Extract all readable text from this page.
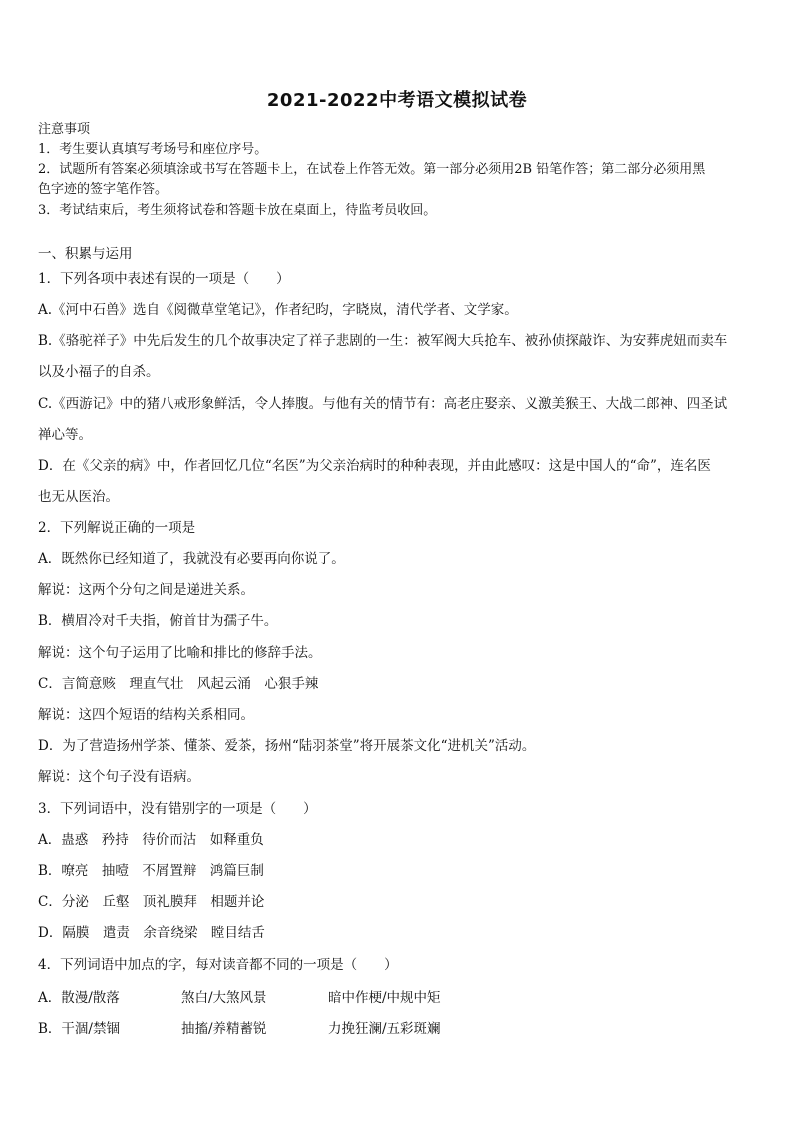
2021-2022中考语文模拟试卷
注意事项
1．考生要认真填写考场号和座位序号。
2．试题所有答案必须填涂或书写在答题卡上，在试卷上作答无效。第一部分必须用2B 铅笔作答；第二部分必须用黑
色字迹的签字笔作答。
3．考试结束后，考生须将试卷和答题卡放在桌面上，待监考员收回。
一、积累与运用
1．下列各项中表述有误的一项是（　　）
A.《河中石兽》选自《阅微草堂笔记》，作者纪昀，字晓岚，清代学者、文学家。
B.《骆驼祥子》中先后发生的几个故事决定了祥子悲剧的一生：被军阀大兵抢车、被孙侦探敲诈、为安葬虎妞而卖车
以及小福子的自杀。
C.《西游记》中的猪八戒形象鲜活，令人捧腹。与他有关的情节有：高老庄娶亲、义激美猴王、大战二郎神、四圣试
禅心等。
D．在《父亲的病》中，作者回忆几位“名医”为父亲治病时的种种表现，并由此感叹：这是中国人的“命”，连名医
也无从医治。
2．下列解说正确的一项是
A．既然你已经知道了，我就没有必要再向你说了。
解说：这两个分句之间是递进关系。
B．横眉冷对千夫指，俯首甘为孺子牛。
解说：这个句子运用了比喻和排比的修辞手法。
C．言简意赅　理直气壮　风起云涌　心狠手辣
解说：这四个短语的结构关系相同。
D．为了营造扬州学茶、懂茶、爱茶，扬州“陆羽茶堂”将开展茶文化“进机关”活动。
解说：这个句子没有语病。
3．下列词语中，没有错别字的一项是（　　）
A．蛊惑　矜持　待价而沽　如释重负
B．嘹亮　抽噎　不屑置辩　鸿篇巨制
C．分泌　丘壑　顶礼膜拜　相题并论
D．隔膜　遣责　余音绕梁　瞠目结舌
4．下列词语中加点的字，每对读音都不同的一项是（　　）
A．散漫/散落	煞白/大煞风景	暗中作梗/中规中矩
B．干涸/禁锢	抽搐/养精蓄锐	力挽狂澜/五彩斑斓
